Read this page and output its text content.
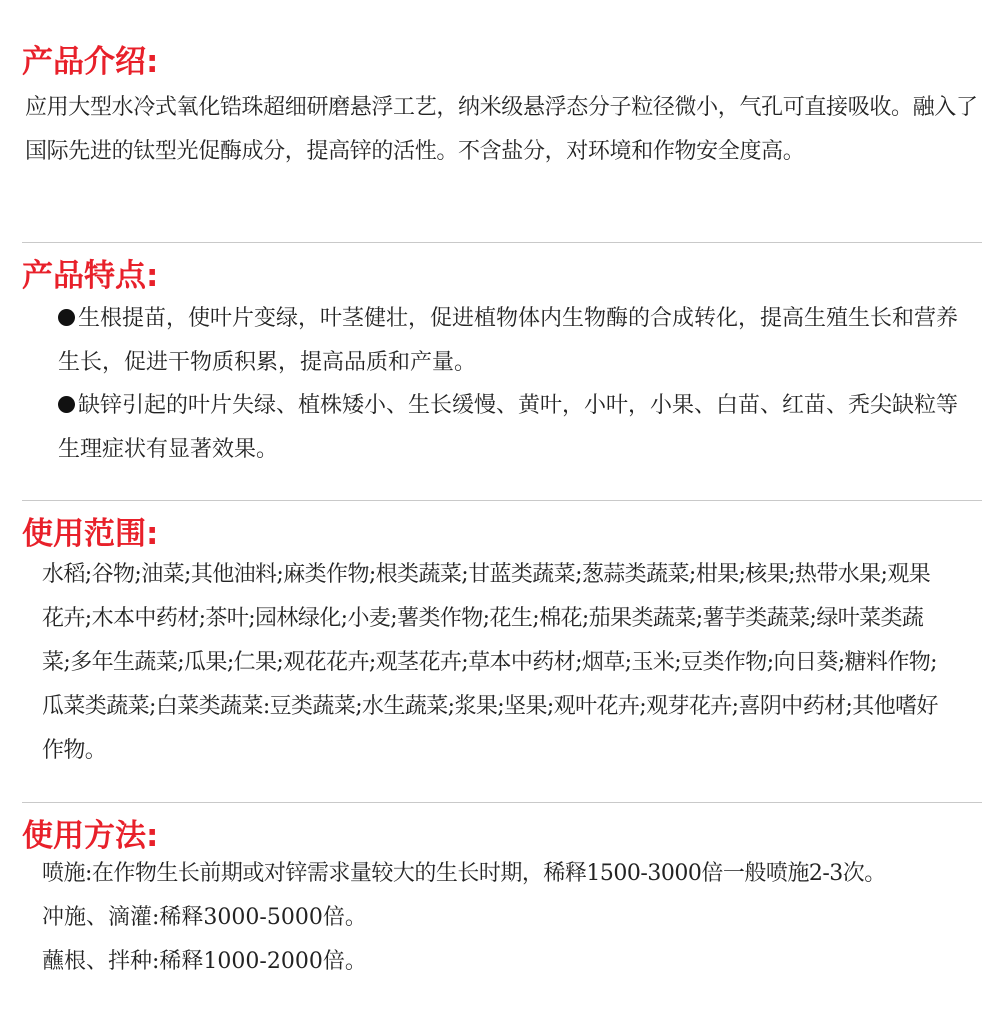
产品介绍:

应用大型水冷式氧化锆珠超细研磨悬浮工艺，纳米级悬浮态分子粒径微小，气孔可直接吸收。融入了国际先进的钛型光促酶成分，提高锌的活性。不含盐分，对环境和作物安全度高。

产品特点:

生根提苗，使叶片变绿，叶茎健壮，促进植物体内生物酶的合成转化，提高生殖生长和营养生长，促进干物质积累，提高品质和产量。

缺锌引起的叶片失绿、植株矮小、生长缓慢、黄叶，小叶，小果、白苗、红苗、秃尖缺粒等生理症状有显著效果。

使用范围:

水稻;谷物;油菜;其他油料;麻类作物;根类蔬菜;甘蓝类蔬菜;葱蒜类蔬菜;柑果;核果;热带水果;观果花卉;木本中药材;茶叶;园林绿化;小麦;薯类作物;花生;棉花;茄果类蔬菜;薯芋类蔬菜;绿叶菜类蔬菜;多年生蔬菜;瓜果;仁果;观花花卉;观茎花卉;草本中药材;烟草;玉米;豆类作物;向日葵;糖料作物;瓜菜类蔬菜;白菜类蔬菜:豆类蔬菜;水生蔬菜;浆果;坚果;观叶花卉;观芽花卉;喜阴中药材;其他嗜好作物。

使用方法:

喷施:在作物生长前期或对锌需求量较大的生长时期，稀释1500-3000倍一般喷施2-3次。

冲施、滴灌:稀释3000-5000倍。

蘸根、拌种:稀释1000-2000倍。
